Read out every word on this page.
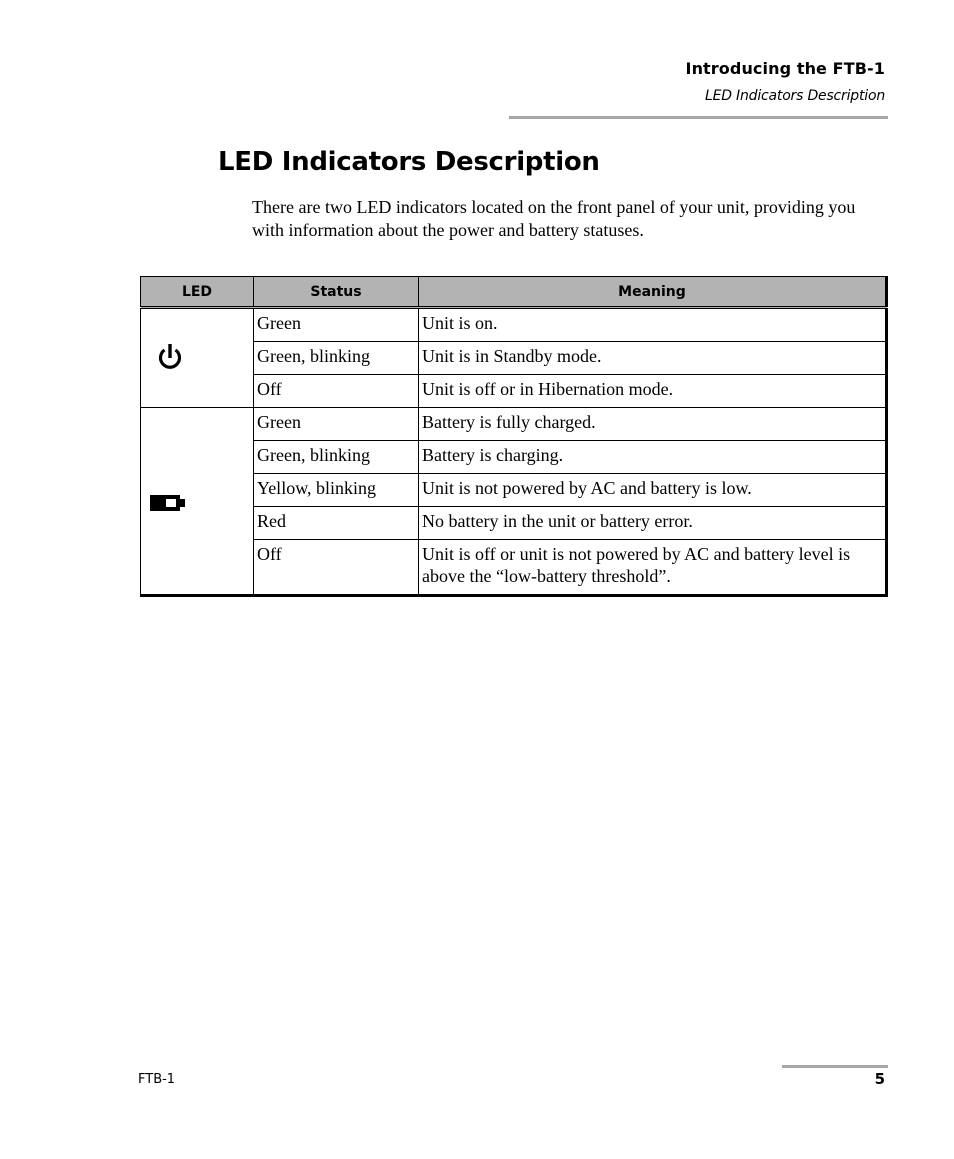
Introducing the FTB-1
LED Indicators Description
LED Indicators Description

There are two LED indicators located on the front panel of your unit, providing you with information about the power and battery statuses.

LED	Status	Meaning

	Green	Unit is on.
	Green, blinking	Unit is in Standby mode.
	Off	Unit is off or in Hibernation mode.

	Green	Battery is fully charged.
	Green, blinking	Battery is charging.
	Yellow, blinking	Unit is not powered by AC and battery is low.
	Red	No battery in the unit or battery error.
	Off	Unit is off or unit is not powered by AC and battery level is above the “low-battery threshold”.
FTB-1	5
